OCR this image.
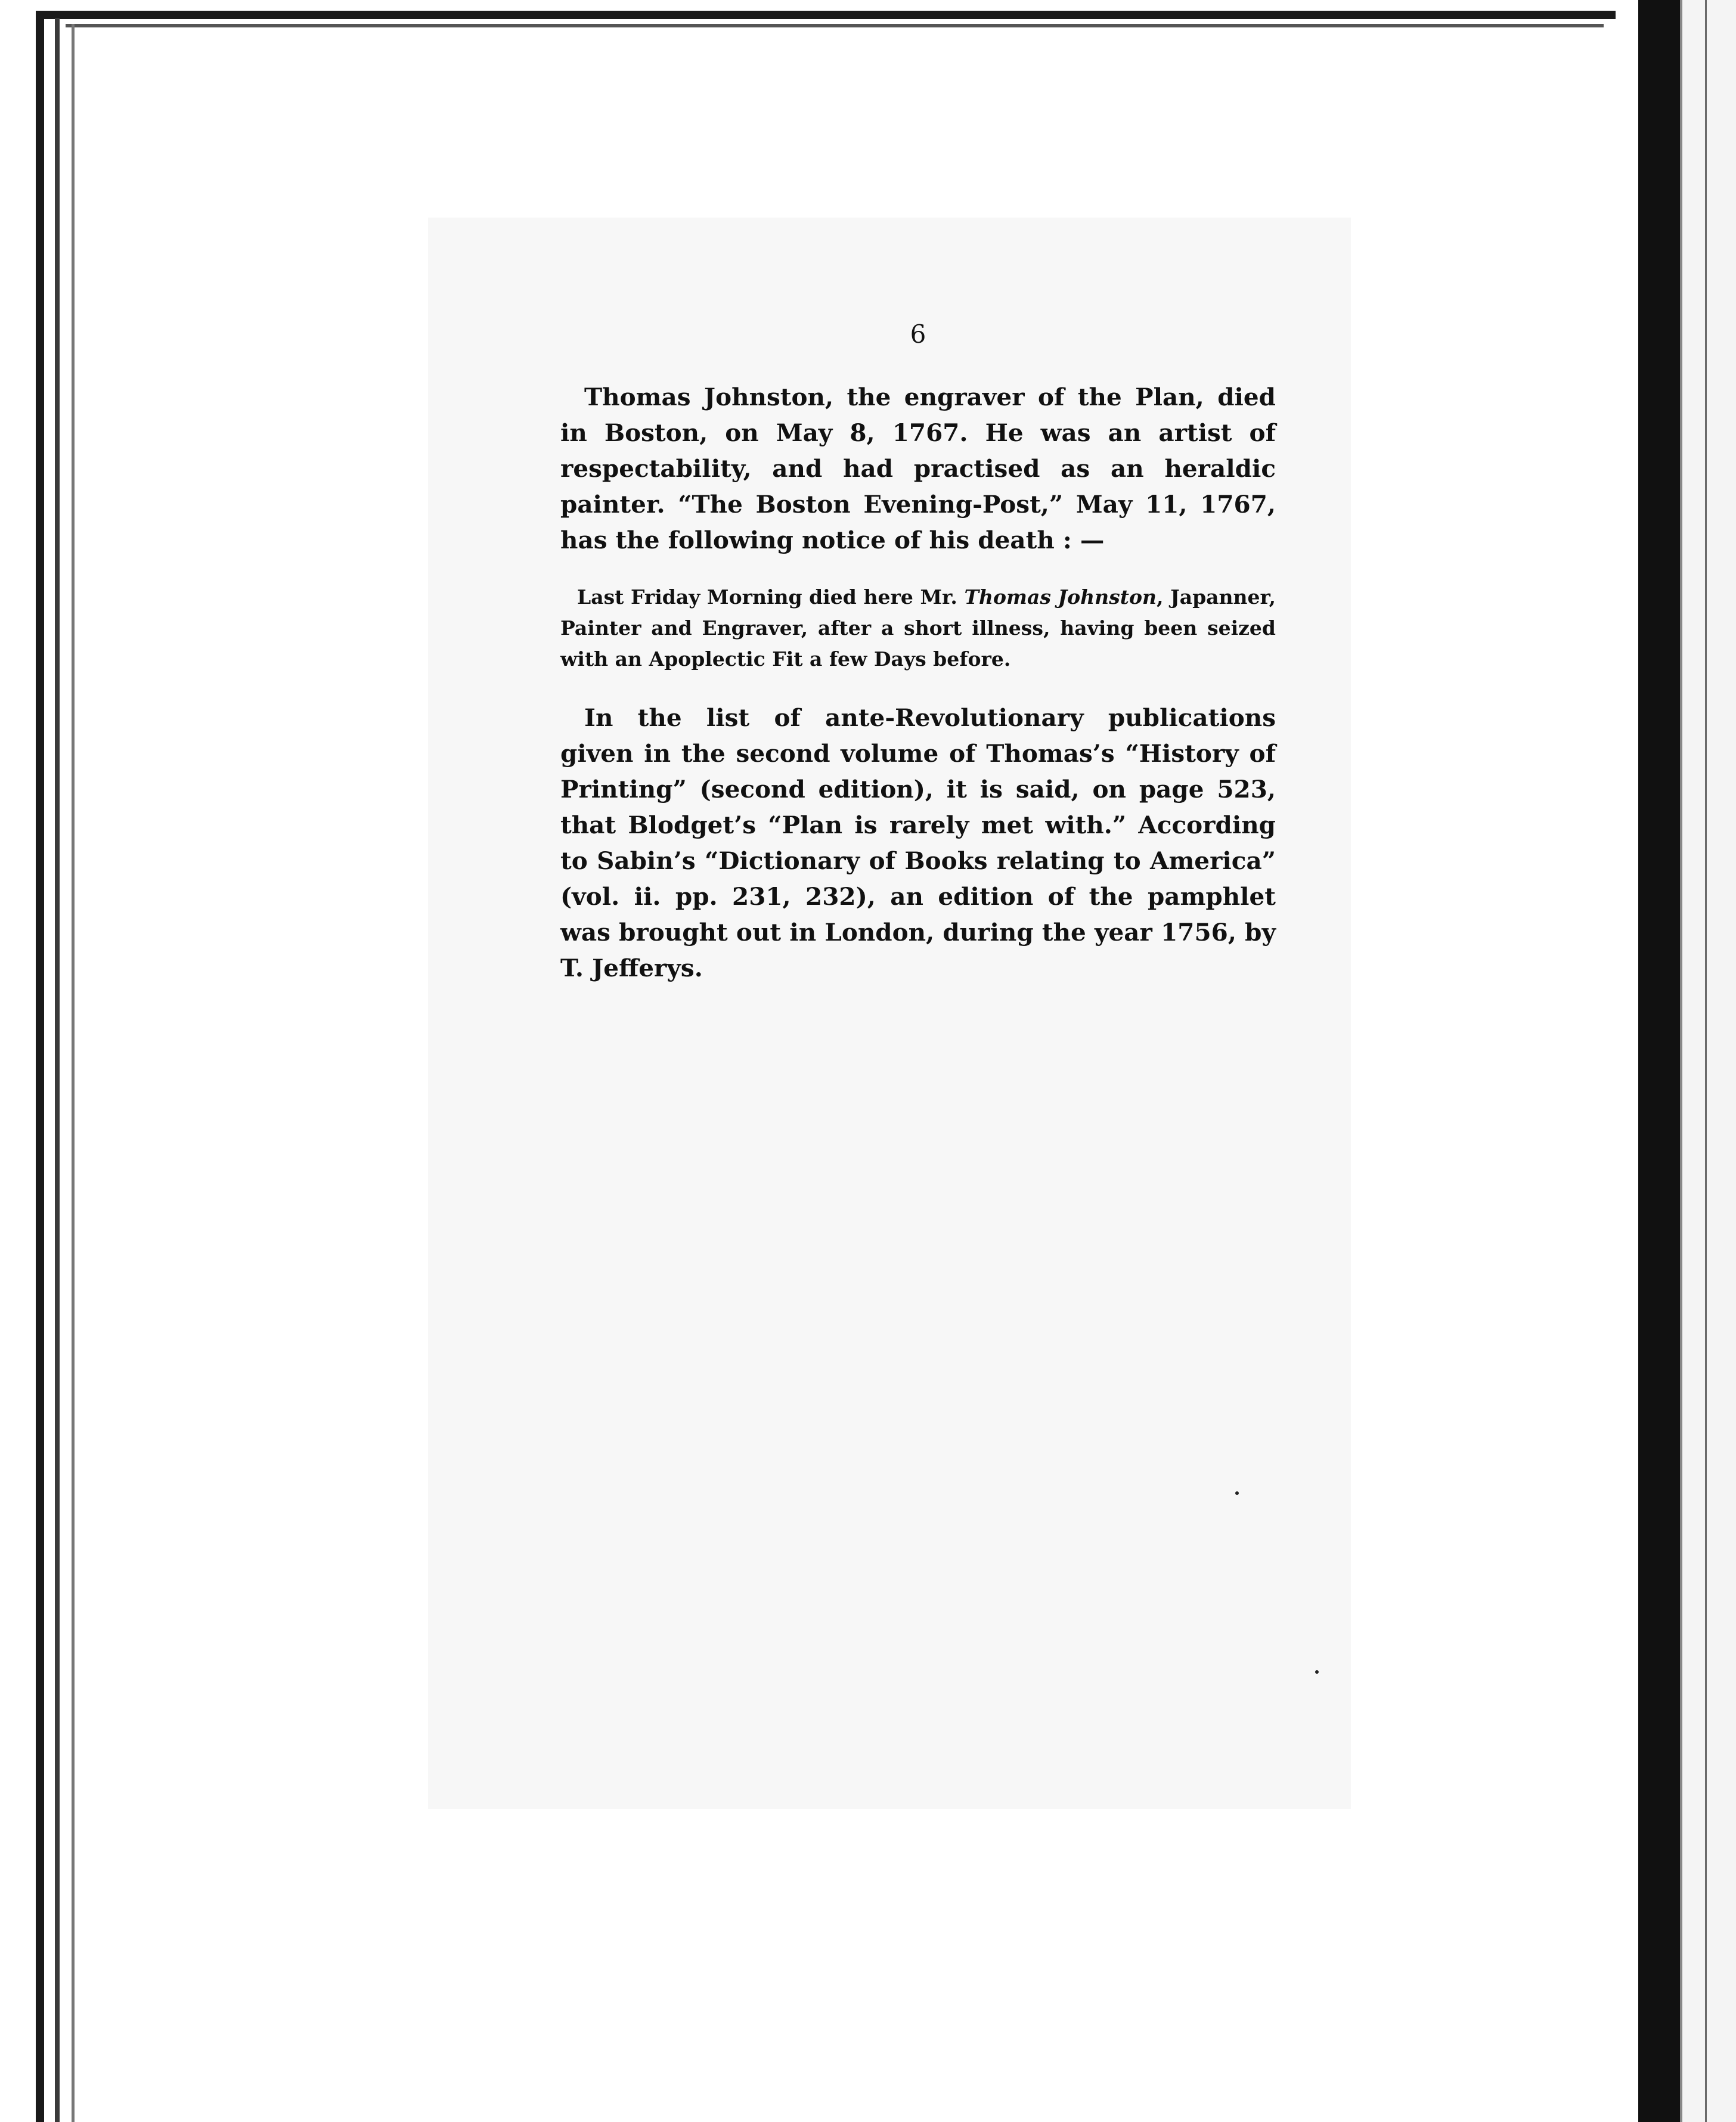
6

Thomas Johnston, the engraver of the Plan, died in Boston, on May 8, 1767. He was an artist of respectability, and had practised as an heraldic painter. “The Boston Evening-Post,” May 11, 1767, has the following notice of his death : —

Last Friday Morning died here Mr. Thomas Johnston, Japanner, Painter and Engraver, after a short illness, having been seized with an Apoplectic Fit a few Days before.

In the list of ante-Revolutionary publications given in the second volume of Thomas’s “History of Printing” (second edition), it is said, on page 523, that Blodget’s “Plan is rarely met with.” According to Sabin’s “Dictionary of Books relating to America” (vol. ii. pp. 231, 232), an edition of the pamphlet was brought out in London, during the year 1756, by T. Jefferys.
